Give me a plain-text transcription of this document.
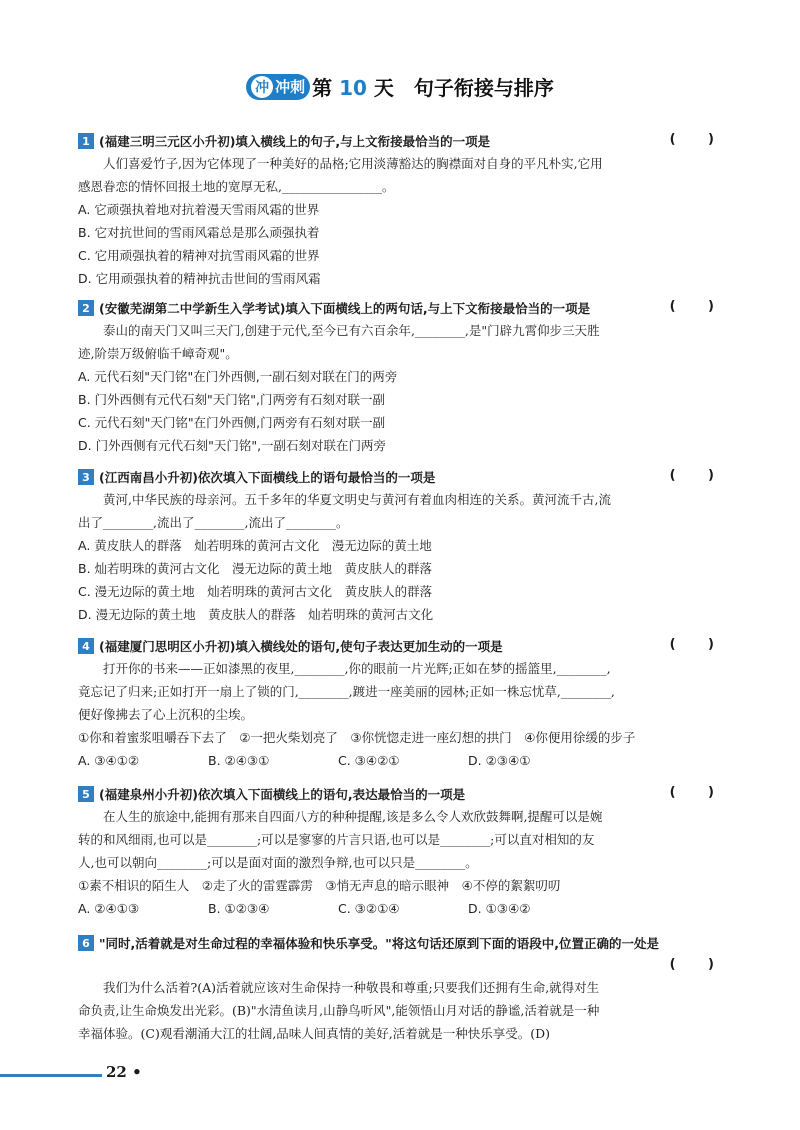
冲 冲刺 第 10 天　句子衔接与排序
1 (福建三明三元区小升初)填入横线上的句子,与上文衔接最恰当的一项是	( )
人们喜爱竹子,因为它体现了一种美好的品格;它用淡薄豁达的胸襟面对自身的平凡朴实,它用
感恩眷恋的情怀回报土地的宽厚无私,________________。
A. 它顽强执着地对抗着漫天雪雨风霜的世界
B. 它对抗世间的雪雨风霜总是那么顽强执着
C. 它用顽强执着的精神对抗雪雨风霜的世界
D. 它用顽强执着的精神抗击世间的雪雨风霜
2 (安徽芜湖第二中学新生入学考试)填入下面横线上的两句话,与上下文衔接最恰当的一项是	( )
泰山的南天门又叫三天门,创建于元代,至今已有六百余年,________,是"门辟九霄仰步三天胜
迹,阶崇万级俯临千嶂奇观"。
A. 元代石刻"天门铭"在门外西侧,一副石刻对联在门的两旁
B. 门外西侧有元代石刻"天门铭",门两旁有石刻对联一副
C. 元代石刻"天门铭"在门外西侧,门两旁有石刻对联一副
D. 门外西侧有元代石刻"天门铭",一副石刻对联在门两旁
3 (江西南昌小升初)依次填入下面横线上的语句最恰当的一项是	( )
黄河,中华民族的母亲河。五千多年的华夏文明史与黄河有着血肉相连的关系。黄河流千古,流
出了________,流出了________,流出了________。
A. 黄皮肤人的群落　灿若明珠的黄河古文化　漫无边际的黄土地
B. 灿若明珠的黄河古文化　漫无边际的黄土地　黄皮肤人的群落
C. 漫无边际的黄土地　灿若明珠的黄河古文化　黄皮肤人的群落
D. 漫无边际的黄土地　黄皮肤人的群落　灿若明珠的黄河古文化
4 (福建厦门思明区小升初)填入横线处的语句,使句子表达更加生动的一项是	( )
打开你的书来——正如漆黑的夜里,________,你的眼前一片光辉;正如在梦的摇篮里,________,
竟忘记了归来;正如打开一扇上了锁的门,________,踱进一座美丽的园林;正如一株忘忧草,________,
便好像拂去了心上沉积的尘埃。
①你和着蜜浆咀嚼吞下去了　②一把火柴划亮了　③你恍惚走进一座幻想的拱门　④你便用徐缓的步子
A. ③④①②	B. ②④③①	C. ③④②①	D. ②③④①
5 (福建泉州小升初)依次填入下面横线上的语句,表达最恰当的一项是	( )
在人生的旅途中,能拥有那来自四面八方的种种提醒,该是多么令人欢欣鼓舞啊,提醒可以是婉
转的和风细雨,也可以是________;可以是寥寥的片言只语,也可以是________;可以直对相知的友
人,也可以朝向________;可以是面对面的激烈争辩,也可以只是________。
①素不相识的陌生人　②走了火的雷霆霹雳　③悄无声息的暗示眼神　④不停的絮絮叨叨
A. ②④①③	B. ①②③④	C. ③②①④	D. ①③④②
6 "同时,活着就是对生命过程的幸福体验和快乐享受。"将这句话还原到下面的语段中,位置正确的一处是
( )
我们为什么活着?(A)活着就应该对生命保持一种敬畏和尊重;只要我们还拥有生命,就得对生
命负责,让生命焕发出光彩。(B)"水清鱼读月,山静鸟听风",能领悟山月对话的静谧,活着就是一种
幸福体验。(C)观看潮涌大江的壮阔,品味人间真情的美好,活着就是一种快乐享受。(D)
22 •
